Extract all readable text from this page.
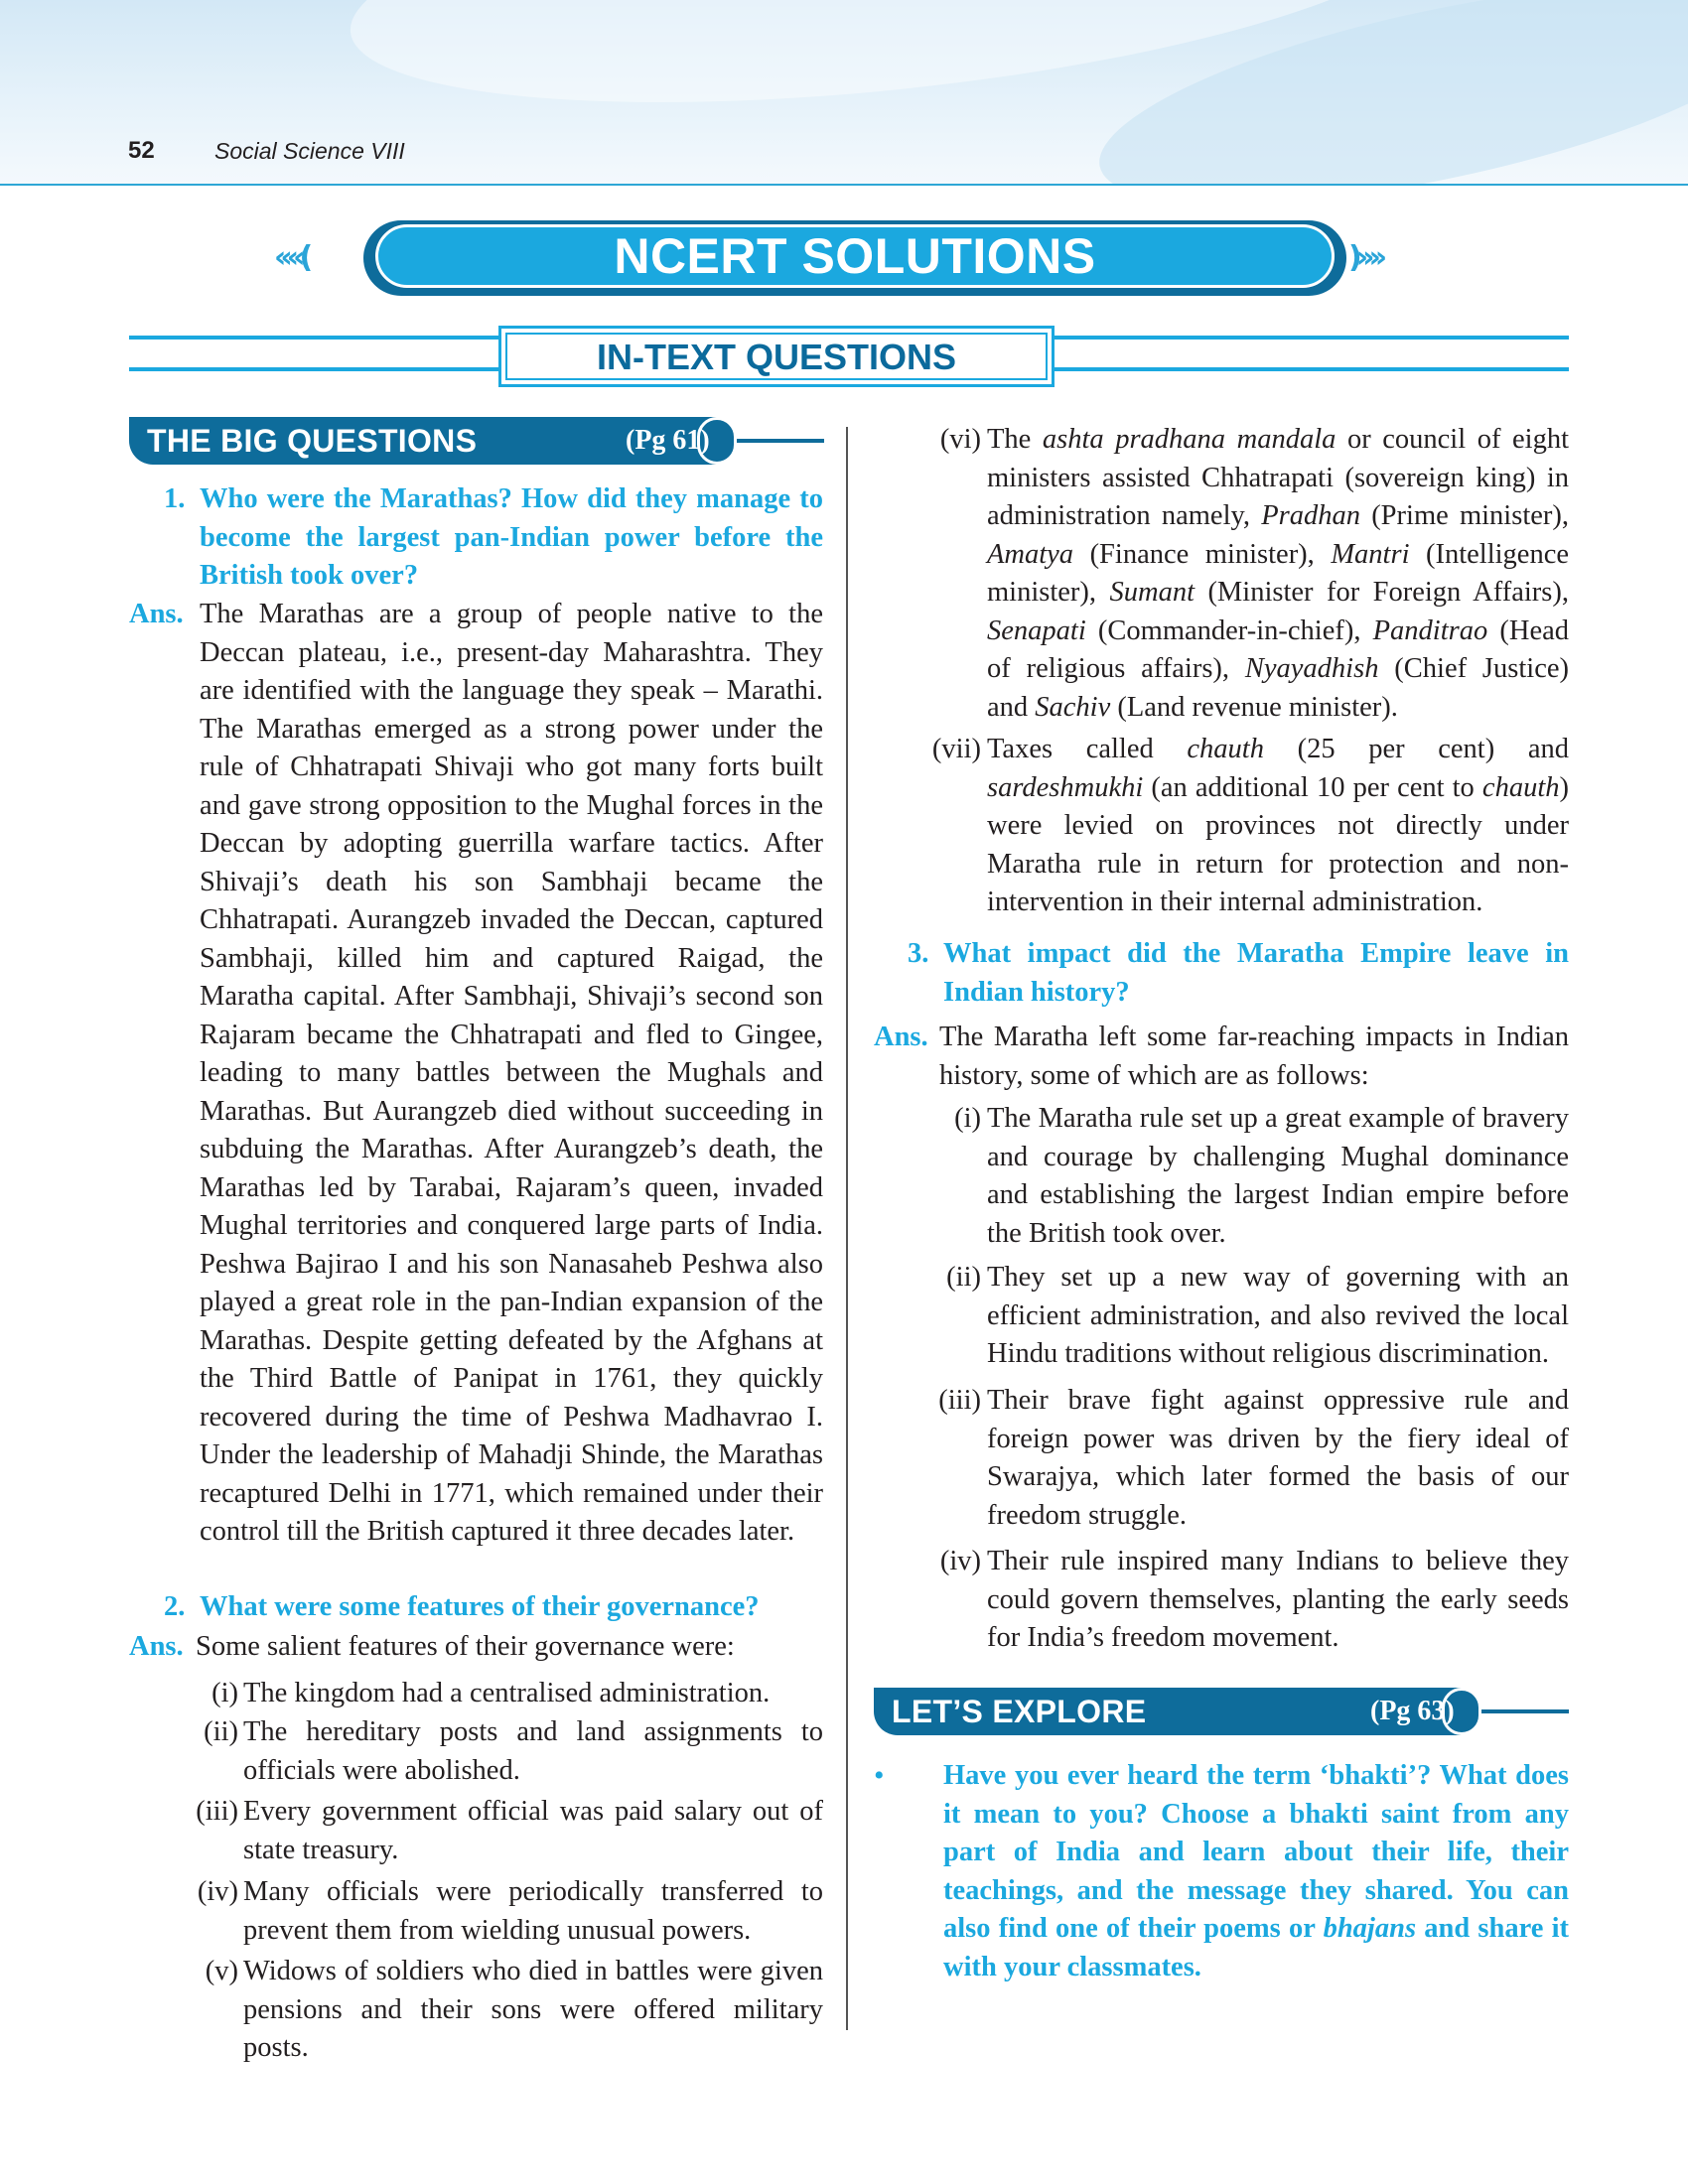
52	Social Science VIII
‹‹‹‹(	NCERT SOLUTIONS	)››››
IN-TEXT QUESTIONS
THE BIG QUESTIONS	(Pg 61)
1. Who were the Marathas? How did they manage to become the largest pan-Indian power before the British took over?
Ans. The Marathas are a group of people native to the Deccan plateau, i.e., present-day Maharashtra. They are identified with the language they speak – Marathi. The Marathas emerged as a strong power under the rule of Chhatrapati Shivaji who got many forts built and gave strong opposition to the Mughal forces in the Deccan by adopting guerrilla warfare tactics. After Shivaji’s death his son Sambhaji became the Chhatrapati. Aurangzeb invaded the Deccan, captured Sambhaji, killed him and captured Raigad, the Maratha capital. After Sambhaji, Shivaji’s second son Rajaram became the Chhatrapati and fled to Gingee, leading to many battles between the Mughals and Marathas. But Aurangzeb died without succeeding in subduing the Marathas. After Aurangzeb’s death, the Marathas led by Tarabai, Rajaram’s queen, invaded Mughal territories and conquered large parts of India. Peshwa Bajirao I and his son Nanasaheb Peshwa also played a great role in the pan-Indian expansion of the Marathas. Despite getting defeated by the Afghans at the Third Battle of Panipat in 1761, they quickly recovered during the time of Peshwa Madhavrao I. Under the leadership of Mahadji Shinde, the Marathas recaptured Delhi in 1771, which remained under their control till the British captured it three decades later.
2. What were some features of their governance?
Ans. Some salient features of their governance were:
(i) The kingdom had a centralised administration.
(ii) The hereditary posts and land assignments to officials were abolished.
(iii) Every government official was paid salary out of state treasury.
(iv) Many officials were periodically transferred to prevent them from wielding unusual powers.
(v) Widows of soldiers who died in battles were given pensions and their sons were offered military posts.
(vi) The ashta pradhana mandala or council of eight ministers assisted Chhatrapati (sovereign king) in administration namely, Pradhan (Prime minister), Amatya (Finance minister), Mantri (Intelligence minister), Sumant (Minister for Foreign Affairs), Senapati (Commander-in-chief), Panditrao (Head of religious affairs), Nyayadhish (Chief Justice) and Sachiv (Land revenue minister).
(vii) Taxes called chauth (25 per cent) and sardeshmukhi (an additional 10 per cent to chauth) were levied on provinces not directly under Maratha rule in return for protection and non-intervention in their internal administration.
3. What impact did the Maratha Empire leave in Indian history?
Ans. The Maratha left some far-reaching impacts in Indian history, some of which are as follows:
(i) The Maratha rule set up a great example of bravery and courage by challenging Mughal dominance and establishing the largest Indian empire before the British took over.
(ii) They set up a new way of governing with an efficient administration, and also revived the local Hindu traditions without religious discrimination.
(iii) Their brave fight against oppressive rule and foreign power was driven by the fiery ideal of Swarajya, which later formed the basis of our freedom struggle.
(iv) Their rule inspired many Indians to believe they could govern themselves, planting the early seeds for India’s freedom movement.
LET’S EXPLORE	(Pg 63)
• Have you ever heard the term ‘bhakti’? What does it mean to you? Choose a bhakti saint from any part of India and learn about their life, their teachings, and the message they shared. You can also find one of their poems or bhajans and share it with your classmates.
